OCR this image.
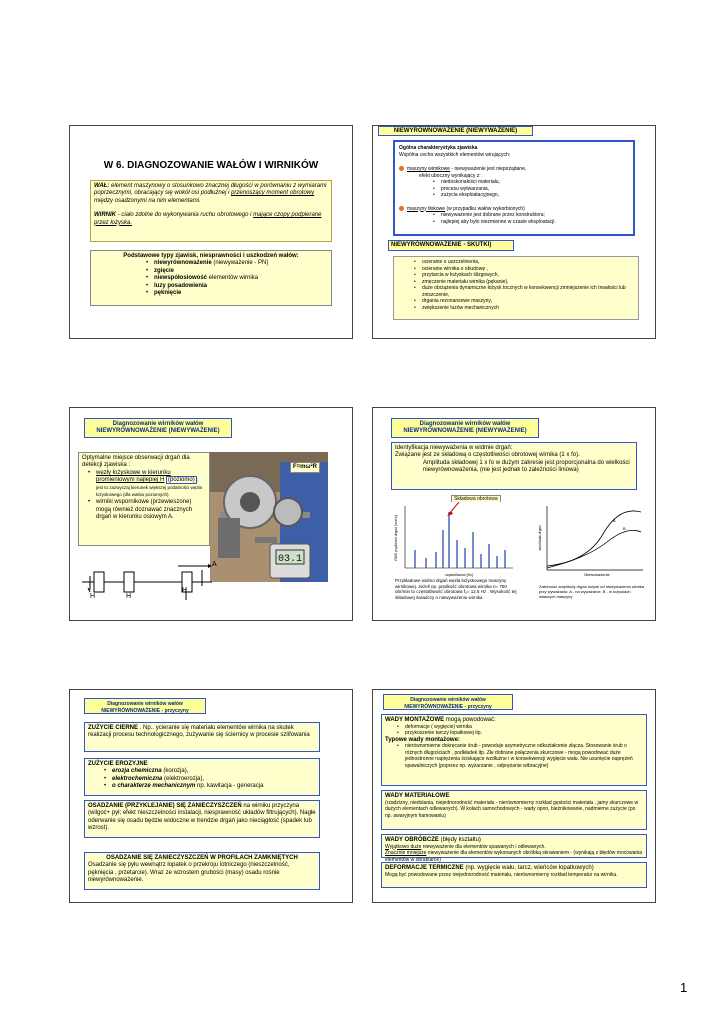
W 6. DIAGNOZOWANIE WAŁÓW I WIRNIKÓW
WAŁ: element maszynowy o stosunkowo znacznej długości w porównaniu z wymiarami poprzecznymi, obracający się wokół osi podłużnej i przenoszący moment obrotowy między osadzonymi na nim elementami.
WIRNIK - ciało zdolne do wykonywania ruchu obrotowego i mające czopy podpierane przez łożyska.
Podstawowe typy zjawisk, niesprawności i uszkodzeń wałów:
• niewyrównoważenie (niewyważenie - PN)
• zgięcie
• niewspółosiowość elementów wirnika
• luzy posadowienia
• pęknięcie
NIEWYRÓWNOWAŻENIE (NIEWYWAŻENIE)
Ogólna charakterystyka zjawiska
Wspólna cecha wszystkich elementów wirujących:
maszyny wirnikowe - niewyważenie jest niepożądane,
efekt uboczny wynikający z:
• niedoskonałości materiału,
• procesu wytwarzania,
• zużycia eksploatacyjnego,
maszyny tłokowe (w przypadku wałów wykorbionych)
• niewyważenie jest dobrane przez konstruktora;
• najlepiej aby było niezmienne w czasie eksploatacji.
NIEWYRÓWNOWAŻENIE - SKUTKI)
• ocieranie o uszczelnienia,
• ocieranie wirnika o obudowę ,
• przytarcia w łożyskach ślizgowych,
• zmęczenie materiału wirnika (pękanie),
• duże obciążenia dynamiczne łożysk tocznych w konsekwencji zmniejszenie ich trwałości lub zniszczenie,
• drgania rezonansowe maszyny,
• zwiększenie luzów mechanicznych
Diagnozowanie wirników wałów
NIEWYRÓWNOWAŻENIE (NIEWYWAŻENIE)
Optymalne miejsce obserwacji drgań dla detekcji zjawiska :
• węzły łożyskowe w kierunku promieniowym najlepiej H (poziomo) ; jest to zazwyczaj kierunek większej podatności węzła łożyskowego (dla wałów poziomych).
• wirniki wspornikowe (przewieszone) mogą również doznawać znacznych drgań w kierunku osiowym A.
03.1
F=mω²R
H	H
H
A
Diagnozowanie wirników wałów
NIEWYRÓWNOWAŻENIE (NIEWYWAŻENIE)
Identyfikacja niewyważenia w widmie drgań:
Związane jest ze składową o częstotliwości obrotowej wirnika (1 x fo).
Amplituda składowej 1 x fo w dużym zakresie jest proporcjonalna do wielkości niewyrównoważenia, (nie jest jednak to zależności liniowa)
Składowa obrotowa
RMS prędkości drgań [mm/s]
częstotliwość [Hz]
Przykładowe widmo drgań węzła łożyskowego maszyny wirnikowej. Jeżeli np. prędkość obrotowa wirnika n= 750 obr/min to częstotliwość obrotowa f₀= 12.5 Hz . Wysokość tej składowej świadczy o niewyważeniu wirnika
amplituda drgań
Niewyważenie
A
B
Zależność amplitudy drgań łożysk od niewyważenia wirnika przy wyważaniu: A - na wyważarce, B - w łożyskach własnych maszyny
Diagnozowanie wirników wałów
NIEWYRÓWNOWAŻENIE - przyczyny
ZUŻYCIE CIERNE . Np.. ycieranie się materiału elementów wirnika na skutek realizacji procesu technologicznego, zużywanie się ściernicy w procesie szlifowania
ZUŻYCIE EROZYJNE
• erozja chemiczna (korozja),
• elektrochemiczna (elektroerozja),
• o charakterze mechanicznym np. kawitacja - generacja
OSADZANIE (PRZYKLEJANIE) SIĘ ZANIECZYSZCZEŃ na wirniku przyczyna (wilgoć+ pył; efekt nieszczelności instalacji, niesprawność układów filtrujących). Nagłe oderwanie się osadu będzie widoczne w trendzie drgań jako nieciągłość (spadek lub wzrost).
OSADZANIE SIĘ ZANIECZYSZCZEŃ W PROFILACH ZAMKNIĘTYCH
Osadzanie się pyłu wewnątrz łopatek o przekroju lotniczego (nieszczelność, pęknięcia , przetarcie). Wraz ze wzrostem grubości (masy) osadu rośnie niewyrównoważenie.
Diagnozowanie wirników wałów
NIEWYRÓWNOWAŻENIE - przyczyny
WADY MONTAŻOWE mogą powodować:
• deformacje ( wygięcie) wirnika
• przykoszenie tarczy łopatkowej itp.
Typowe wady montażowe:
• nierównomierne dokręcanie śrub - powoduje asymetryczne odkształcenie złącza. Stosowanie śrub o różnych długościach , podkładek itp. Złe dobrane połączenia skurczowe - mogą powodować duże jednostronne naprężenia ściskające wzdłużne i w konsekwencji wygięcie wału. Nie usunięcie naprężeń spawalniczych (poprzez np. wyżarzanie , odprężanie wibracyjne)
WADY MATERIAŁOWE
(rzadzizny, niedolania, niejednorodność materiału - nierównomierny rozkład gęstości materiału , jamy skurczowe w dużych elementach odlewanych). W kołach samochodowych - wady opon, bieżnikowanie, nadmierne zużycie (po np. awaryjnym hamowaniu)
WADY OBRÓBCZE (błędy kształtu)
Wyjątkowo duże niewyważenie dla elementów spawanych i odlewanych.
Znacznie mniejsze niewyważenie dla elementów wykonanych obróbką skrawaniem - (wynikają z błędów mocowania elementów w obrabiarce)
DEFORMACJE TERMICZNE (np. wygięcie wału, tarcz, wieńców łopatkowych)
Mogą być powodowane przez niejednorodność materiału, nierównomierny rozkład temperatur na wirniku.
1
